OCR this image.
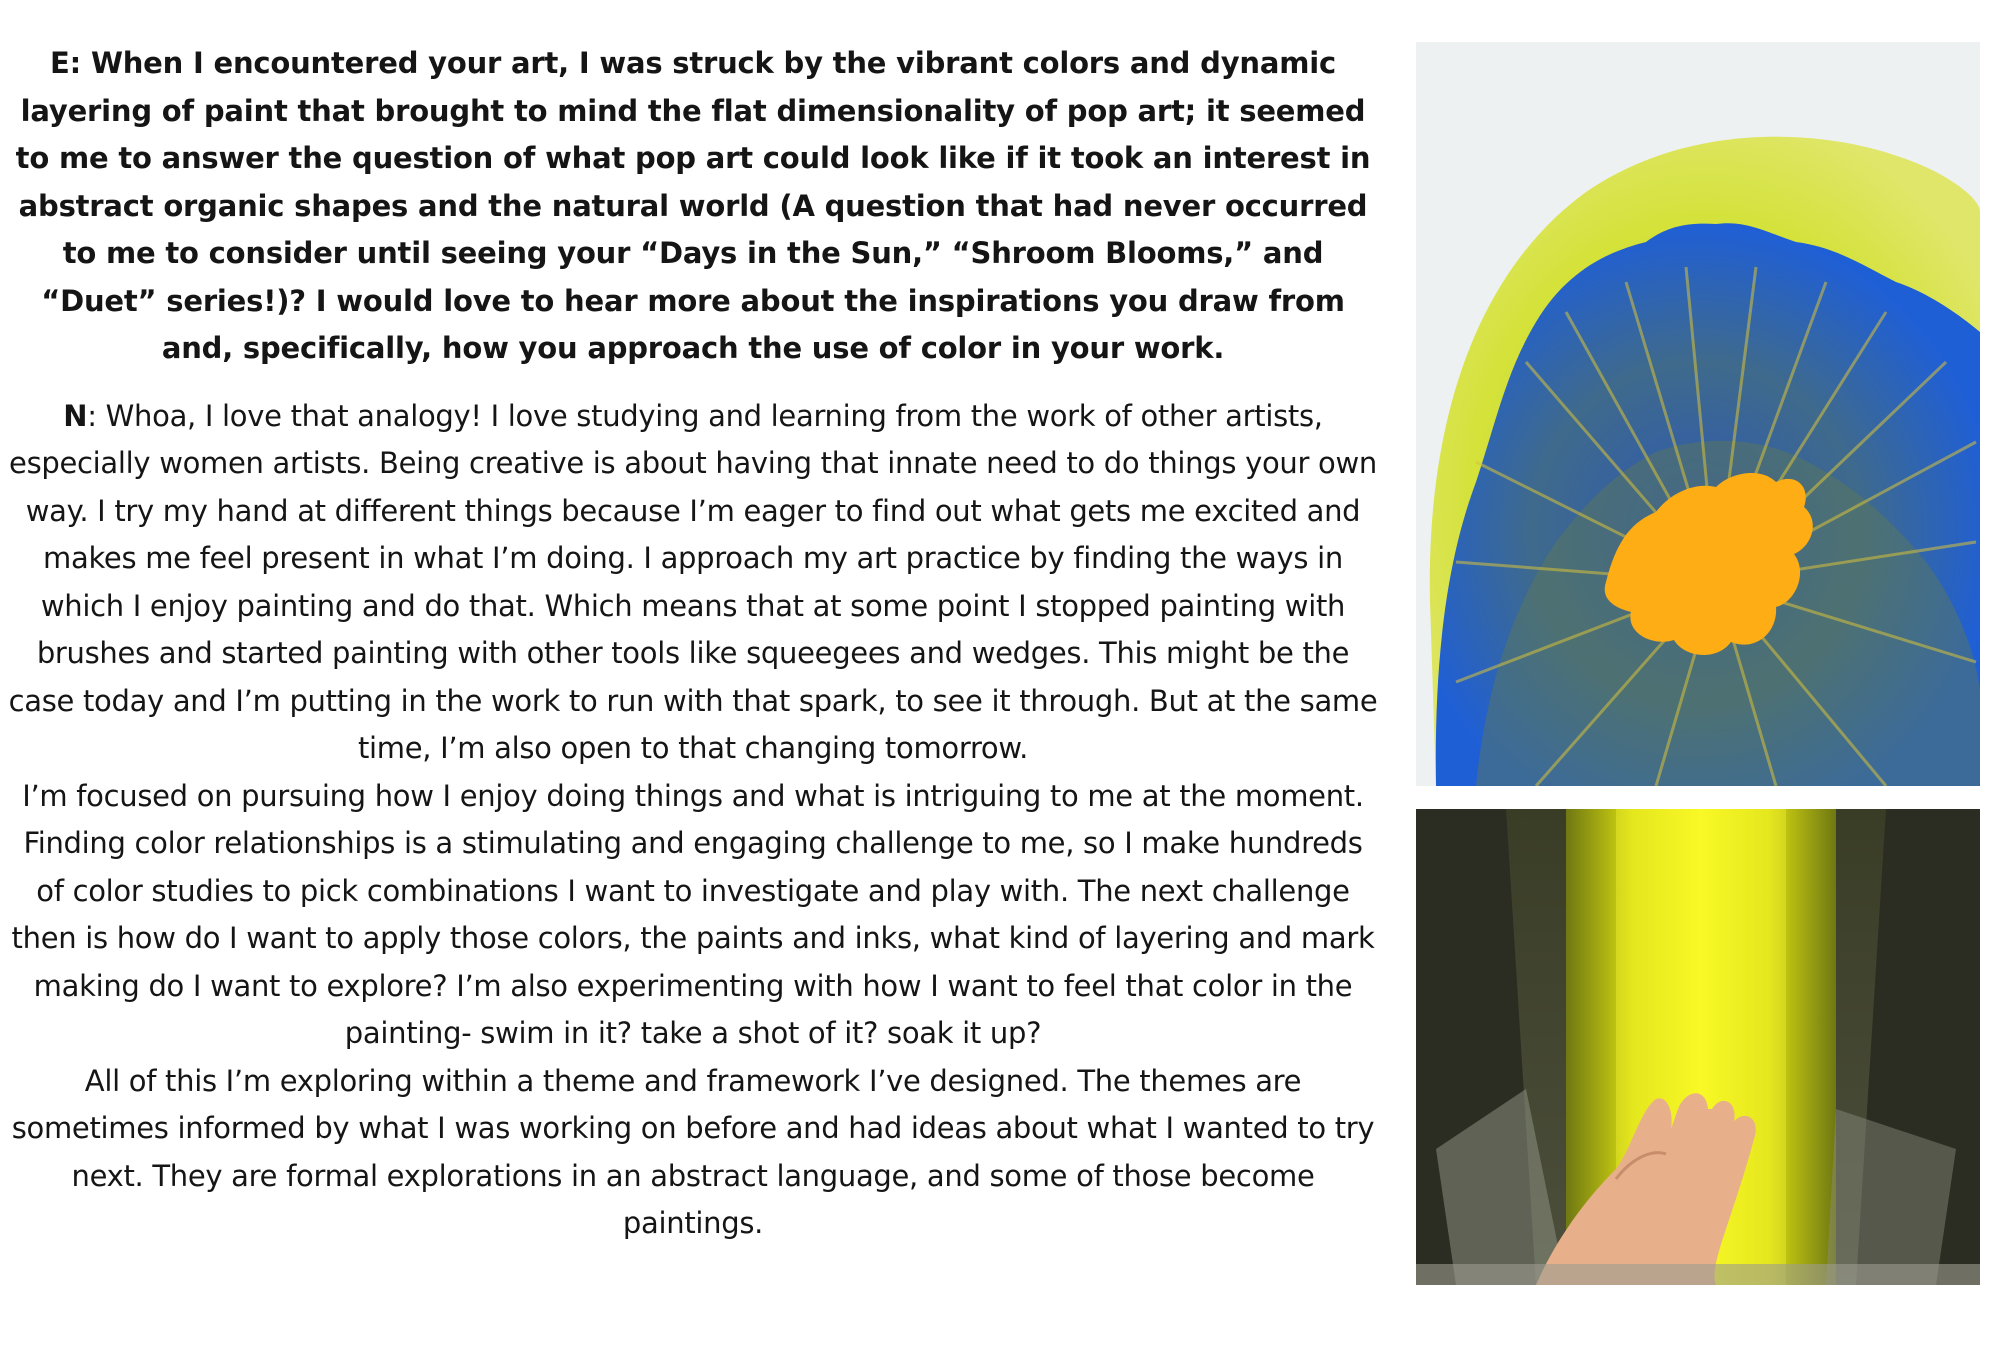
E: When I encountered your art, I was struck by the vibrant colors and dynamic layering of paint that brought to mind the flat dimensionality of pop art; it seemed to me to answer the question of what pop art could look like if it took an interest in abstract organic shapes and the natural world (A question that had never occurred to me to consider until seeing your “Days in the Sun,” “Shroom Blooms,” and “Duet” series!)? I would love to hear more about the inspirations you draw from and, specifically, how you approach the use of color in your work.

N: Whoa, I love that analogy! I love studying and learning from the work of other artists, especially women artists. Being creative is about having that innate need to do things your own way. I try my hand at different things because I’m eager to find out what gets me excited and makes me feel present in what I’m doing. I approach my art practice by finding the ways in which I enjoy painting and do that. Which means that at some point I stopped painting with brushes and started painting with other tools like squeegees and wedges. This might be the case today and I’m putting in the work to run with that spark, to see it through. But at the same time, I’m also open to that changing tomorrow.

I’m focused on pursuing how I enjoy doing things and what is intriguing to me at the moment. Finding color relationships is a stimulating and engaging challenge to me, so I make hundreds of color studies to pick combinations I want to investigate and play with. The next challenge then is how do I want to apply those colors, the paints and inks, what kind of layering and mark making do I want to explore? I’m also experimenting with how I want to feel that color in the painting- swim in it? take a shot of it? soak it up?

All of this I’m exploring within a theme and framework I’ve designed. The themes are sometimes informed by what I was working on before and had ideas about what I wanted to try next. They are formal explorations in an abstract language, and some of those become paintings.
